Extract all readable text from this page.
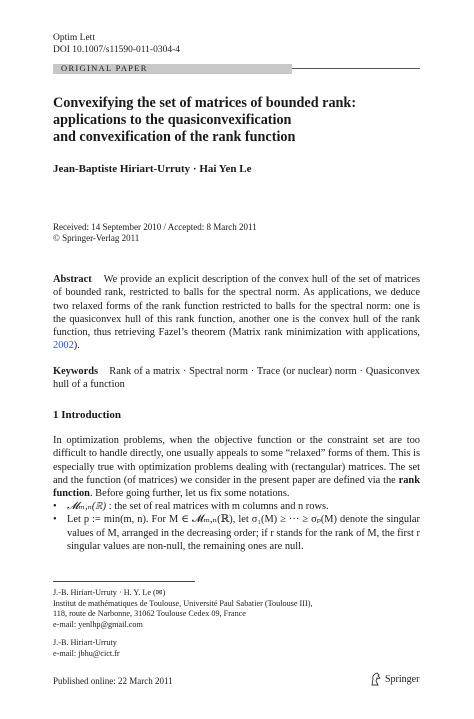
Optim Lett
DOI 10.1007/s11590-011-0304-4
ORIGINAL PAPER
Convexifying the set of matrices of bounded rank:
applications to the quasiconvexification
and convexification of the rank function
Jean-Baptiste Hiriart-Urruty · Hai Yen Le
Received: 14 September 2010 / Accepted: 8 March 2011
© Springer-Verlag 2011
Abstract We provide an explicit description of the convex hull of the set of matrices of bounded rank, restricted to balls for the spectral norm. As applications, we deduce two relaxed forms of the rank function restricted to balls for the spectral norm: one is the quasiconvex hull of this rank function, another one is the convex hull of the rank function, thus retrieving Fazel’s theorem (Matrix rank minimization with applications, 2002).
Keywords Rank of a matrix · Spectral norm · Trace (or nuclear) norm · Quasiconvex hull of a function
1 Introduction
In optimization problems, when the objective function or the constraint set are too difficult to handle directly, one usually appeals to some “relaxed” forms of them. This is especially true with optimization problems dealing with (rectangular) matrices. The set and the function (of matrices) we consider in the present paper are defined via the rank function. Before going further, let us fix some notations.
• 𝓜ₘ,ₙ(ℝ) : the set of real matrices with m columns and n rows.
• Let p := min(m, n). For M ∈ 𝓜ₘ,ₙ(ℝ), let σ₁(M) ≥ ··· ≥ σₚ(M) denote the singular values of M, arranged in the decreasing order; if r stands for the rank of M, the first r singular values are non-null, the remaining ones are null.
J.-B. Hiriart-Urruty · H. Y. Le (✉)
Institut de mathématiques de Toulouse, Université Paul Sabatier (Toulouse III),
118, route de Narbonne, 31062 Toulouse Cedex 09, France
e-mail: yenlhp@gmail.com
J.-B. Hiriart-Urruty
e-mail: jbhu@cict.fr
Published online: 22 March 2011	Springer
